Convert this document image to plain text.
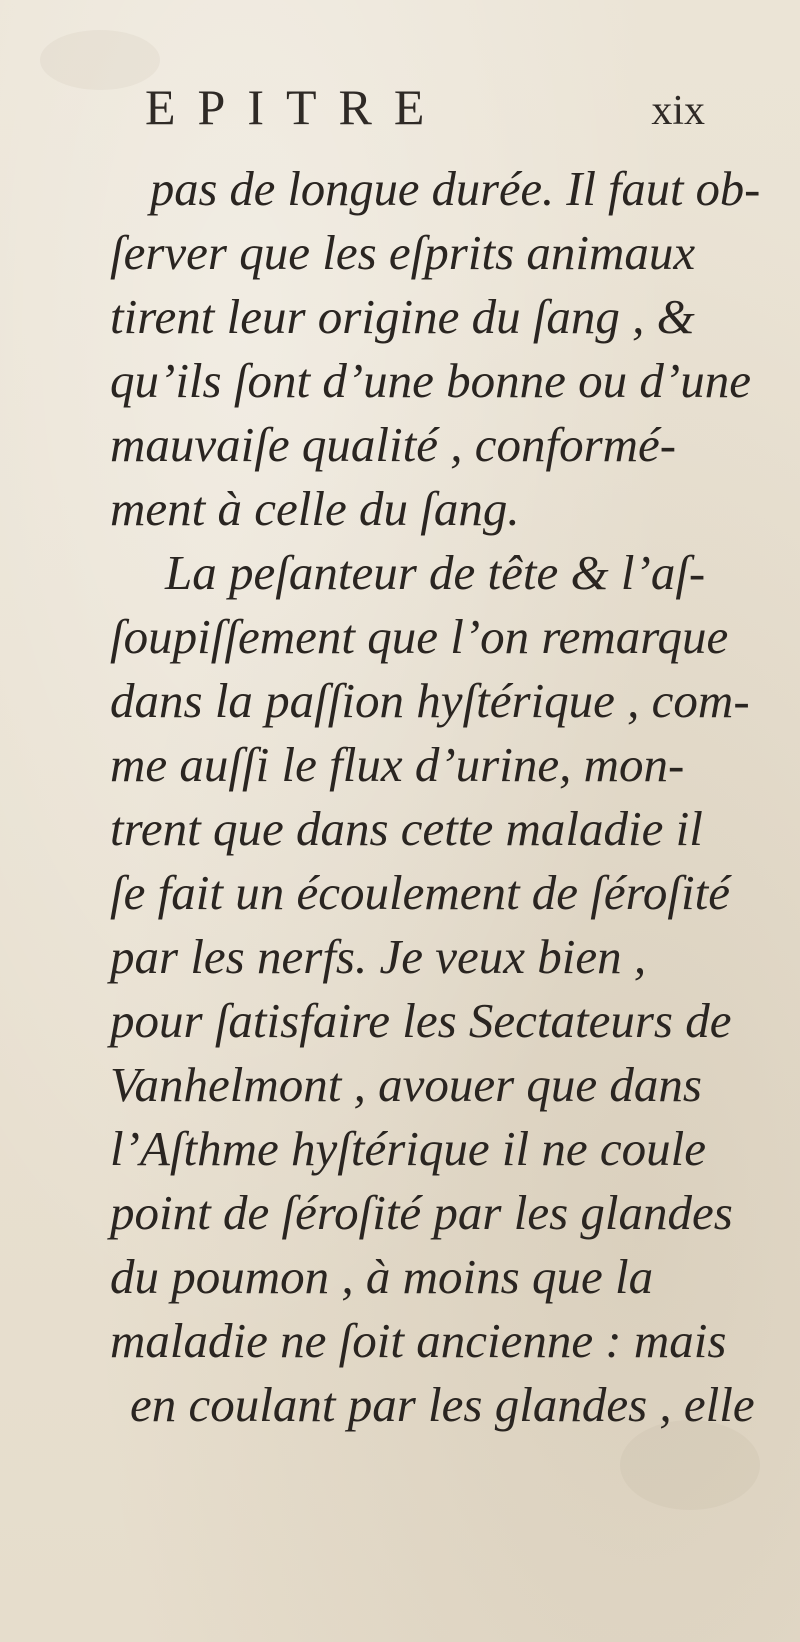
EPITRE	xix
pas de longue durée. Il faut ob-
ſerver que les eſprits animaux
tirent leur origine du ſang , &
qu’ils ſont d’une bonne ou d’une
mauvaiſe qualité , conformé-
ment à celle du ſang.
La peſanteur de tête & l’aſ-
ſoupiſſement que l’on remarque
dans la paſſion hyſtérique , com-
me auſſi le flux d’urine, mon-
trent que dans cette maladie il
ſe fait un écoulement de ſéroſité
par les nerfs. Je veux bien ,
pour ſatisfaire les Sectateurs de
Vanhelmont , avouer que dans
l’Aſthme hyſtérique il ne coule
point de ſéroſité par les glandes
du poumon , à moins que la
maladie ne ſoit ancienne : mais
en coulant par les glandes , elle
